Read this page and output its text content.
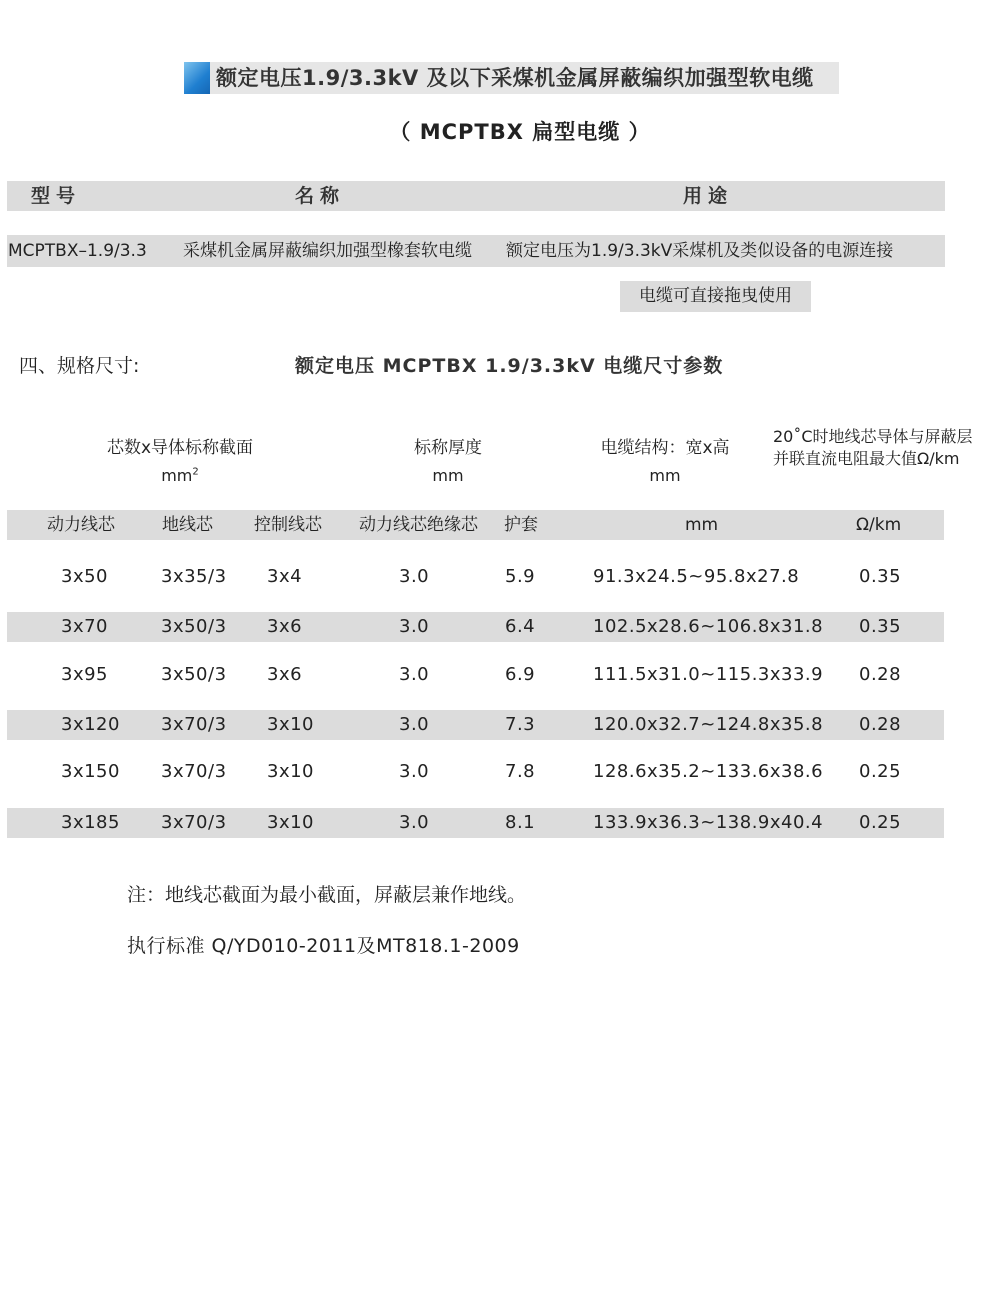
额定电压1.9/3.3kV 及以下采煤机金属屏蔽编织加强型软电缆
（ MCPTBX 扁型电缆 ）
型号	名称	用途
MCPTBX–1.9/3.3 采煤机金属屏蔽编织加强型橡套软电缆 额定电压为1.9/3.3kV采煤机及类似设备的电源连接
电缆可直接拖曳使用
四、规格尺寸:	额定电压 MCPTBX 1.9/3.3kV 电缆尺寸参数
芯数x导体标称截面
$mm^2$
标称厚度
mm
电缆结构：宽x高
mm
20˚C时地线芯导体与屏蔽层
并联直流电阻最大值Ω/km
动力线芯	地线芯 控制线芯 动力线芯绝缘芯 护套	mm	Ω/km
3x50	3x35/3 3x4	3.0	5.9	91.3x24.5~95.8x27.8	0.35
3x70	3x50/3 3x6	3.0	6.4	102.5x28.6~106.8x31.8 0.35
3x95	3x50/3 3x6	3.0	6.9	111.5x31.0~115.3x33.9 0.28
3x120 3x70/3 3x10	3.0	7.3	120.0x32.7~124.8x35.8 0.28
3x150 3x70/3 3x10	3.0	7.8	128.6x35.2~133.6x38.6 0.25
3x185 3x70/3 3x10	3.0	8.1	133.9x36.3~138.9x40.4 0.25
注：地线芯截面为最小截面，屏蔽层兼作地线。
执行标准 Q/YD010-2011及MT818.1-2009
